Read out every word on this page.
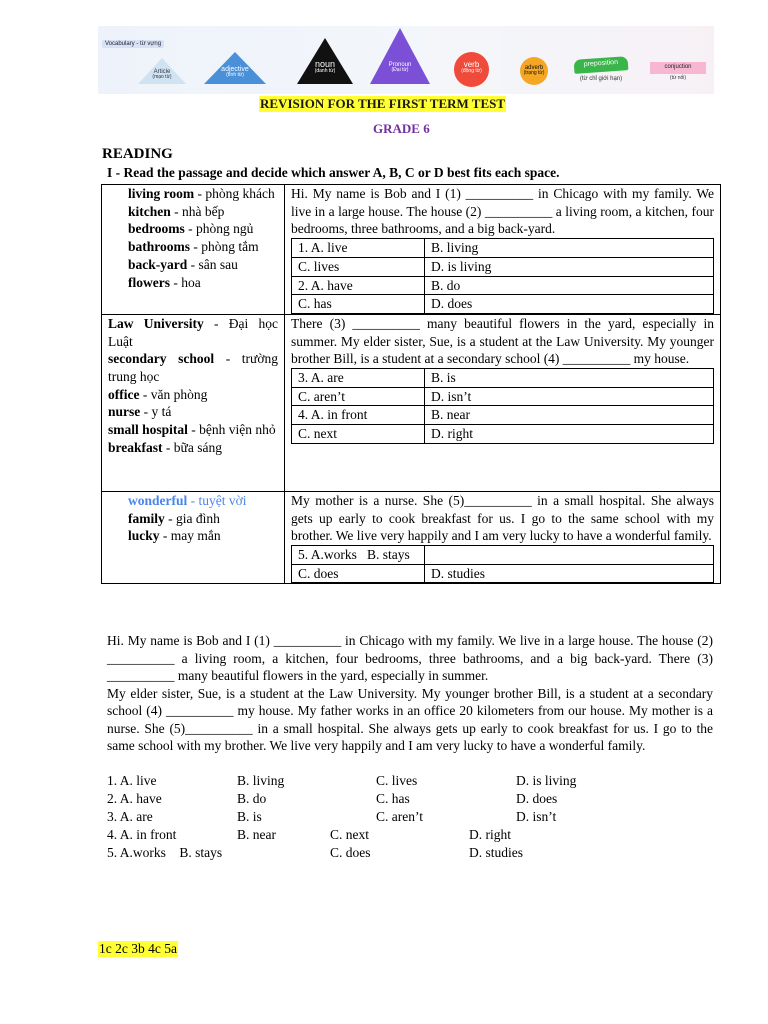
Vocabulary - từ vựng
Article
(mạo từ)
adjective
(tính từ)
noun
(danh từ)
Pronoun
(Đại từ)
verb
(động từ)
adverb
(trạng từ)
preposition
(từ chỉ giới hạn)
conjuction
(từ nối)
REVISION FOR THE FIRST TERM TEST
GRADE 6
READING
I - Read the passage and decide which answer A, B, C or D best fits each space.
living room - phòng khách
kitchen - nhà bếp
bedrooms - phòng ngủ
bathrooms - phòng tắm
back-yard - sân sau
flowers - hoa

Hi. My name is Bob and I (1) __________ in Chicago with my family. We live in a large house. The house (2) __________ a living room, a kitchen, four bedrooms, three bathrooms, and a big back-yard.
1. A. live	B. living
C. lives	D. is living
2. A. have	B. do
C. has	D. does

Law University - Đại học Luật
secondary school - trường trung học
office - văn phòng
nurse - y tá
small hospital - bệnh viện nhỏ
breakfast - bữa sáng

There (3) __________ many beautiful flowers in the yard, especially in summer. My elder sister, Sue, is a student at the Law University. My younger brother Bill, is a student at a secondary school (4) __________ my house.
3. A. are	B. is
C. aren’t	D. isn’t
4. A. in front	B. near
C. next	D. right

wonderful - tuyệt vời
family - gia đình
lucky - may mắn

My mother is a nurse. She (5)__________ in a small hospital. She always gets up early to cook breakfast for us. I go to the same school with my brother. We live very happily and I am very lucky to have a wonderful family.
5. A.works   B. stays	
C. does	D. studies

Hi. My name is Bob and I (1) __________ in Chicago with my family. We live in a large house. The house (2) __________ a living room, a kitchen, four bedrooms, three bathrooms, and a big back-yard. There (3) __________ many beautiful flowers in the yard, especially in summer.

My elder sister, Sue, is a student at the Law University. My younger brother Bill, is a student at a secondary school (4) __________ my house. My father works in an office 20 kilometers from our house. My mother is a nurse. She (5)__________ in a small hospital. She always gets up early to cook breakfast for us. I go to the same school with my brother. We live very happily and I am very lucky to have a wonderful family.

1. A. live	B. living	C. lives	D. is living
2. A. have	B. do	C. has	D. does
3. A. are	B. is	C. aren’t	D. isn’t
4. A. in front	B. near	C. next	D. right
5. A.works    B. stays	C. does	D. studies
1c 2c 3b 4c 5a
